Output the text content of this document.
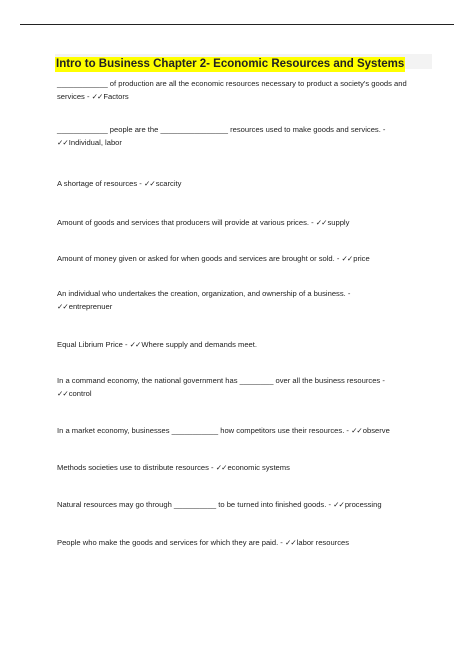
Intro to Business Chapter 2- Economic Resources and Systems
____________ of production are all the economic resources necessary to product a society's goods and services - ✓✓Factors
____________ people are the ________________ resources used to make goods and services. -
✓✓Individual, labor
A shortage of resources - ✓✓scarcity
Amount of goods and services that producers will provide at various prices. - ✓✓supply
Amount of money given or asked for when goods and services are brought or sold. - ✓✓price
An individual who undertakes the creation, organization, and ownership of a business. -
✓✓entreprenuer
Equal Librium Price - ✓✓Where supply and demands meet.
In a command economy, the national government has ________ over all the business resources -
✓✓control
In a market economy, businesses ___________ how competitors use their resources. - ✓✓observe
Methods societies use to distribute resources - ✓✓economic systems
Natural resources may go through __________ to be turned into finished goods. - ✓✓processing
People who make the goods and services for which they are paid. - ✓✓labor resources
